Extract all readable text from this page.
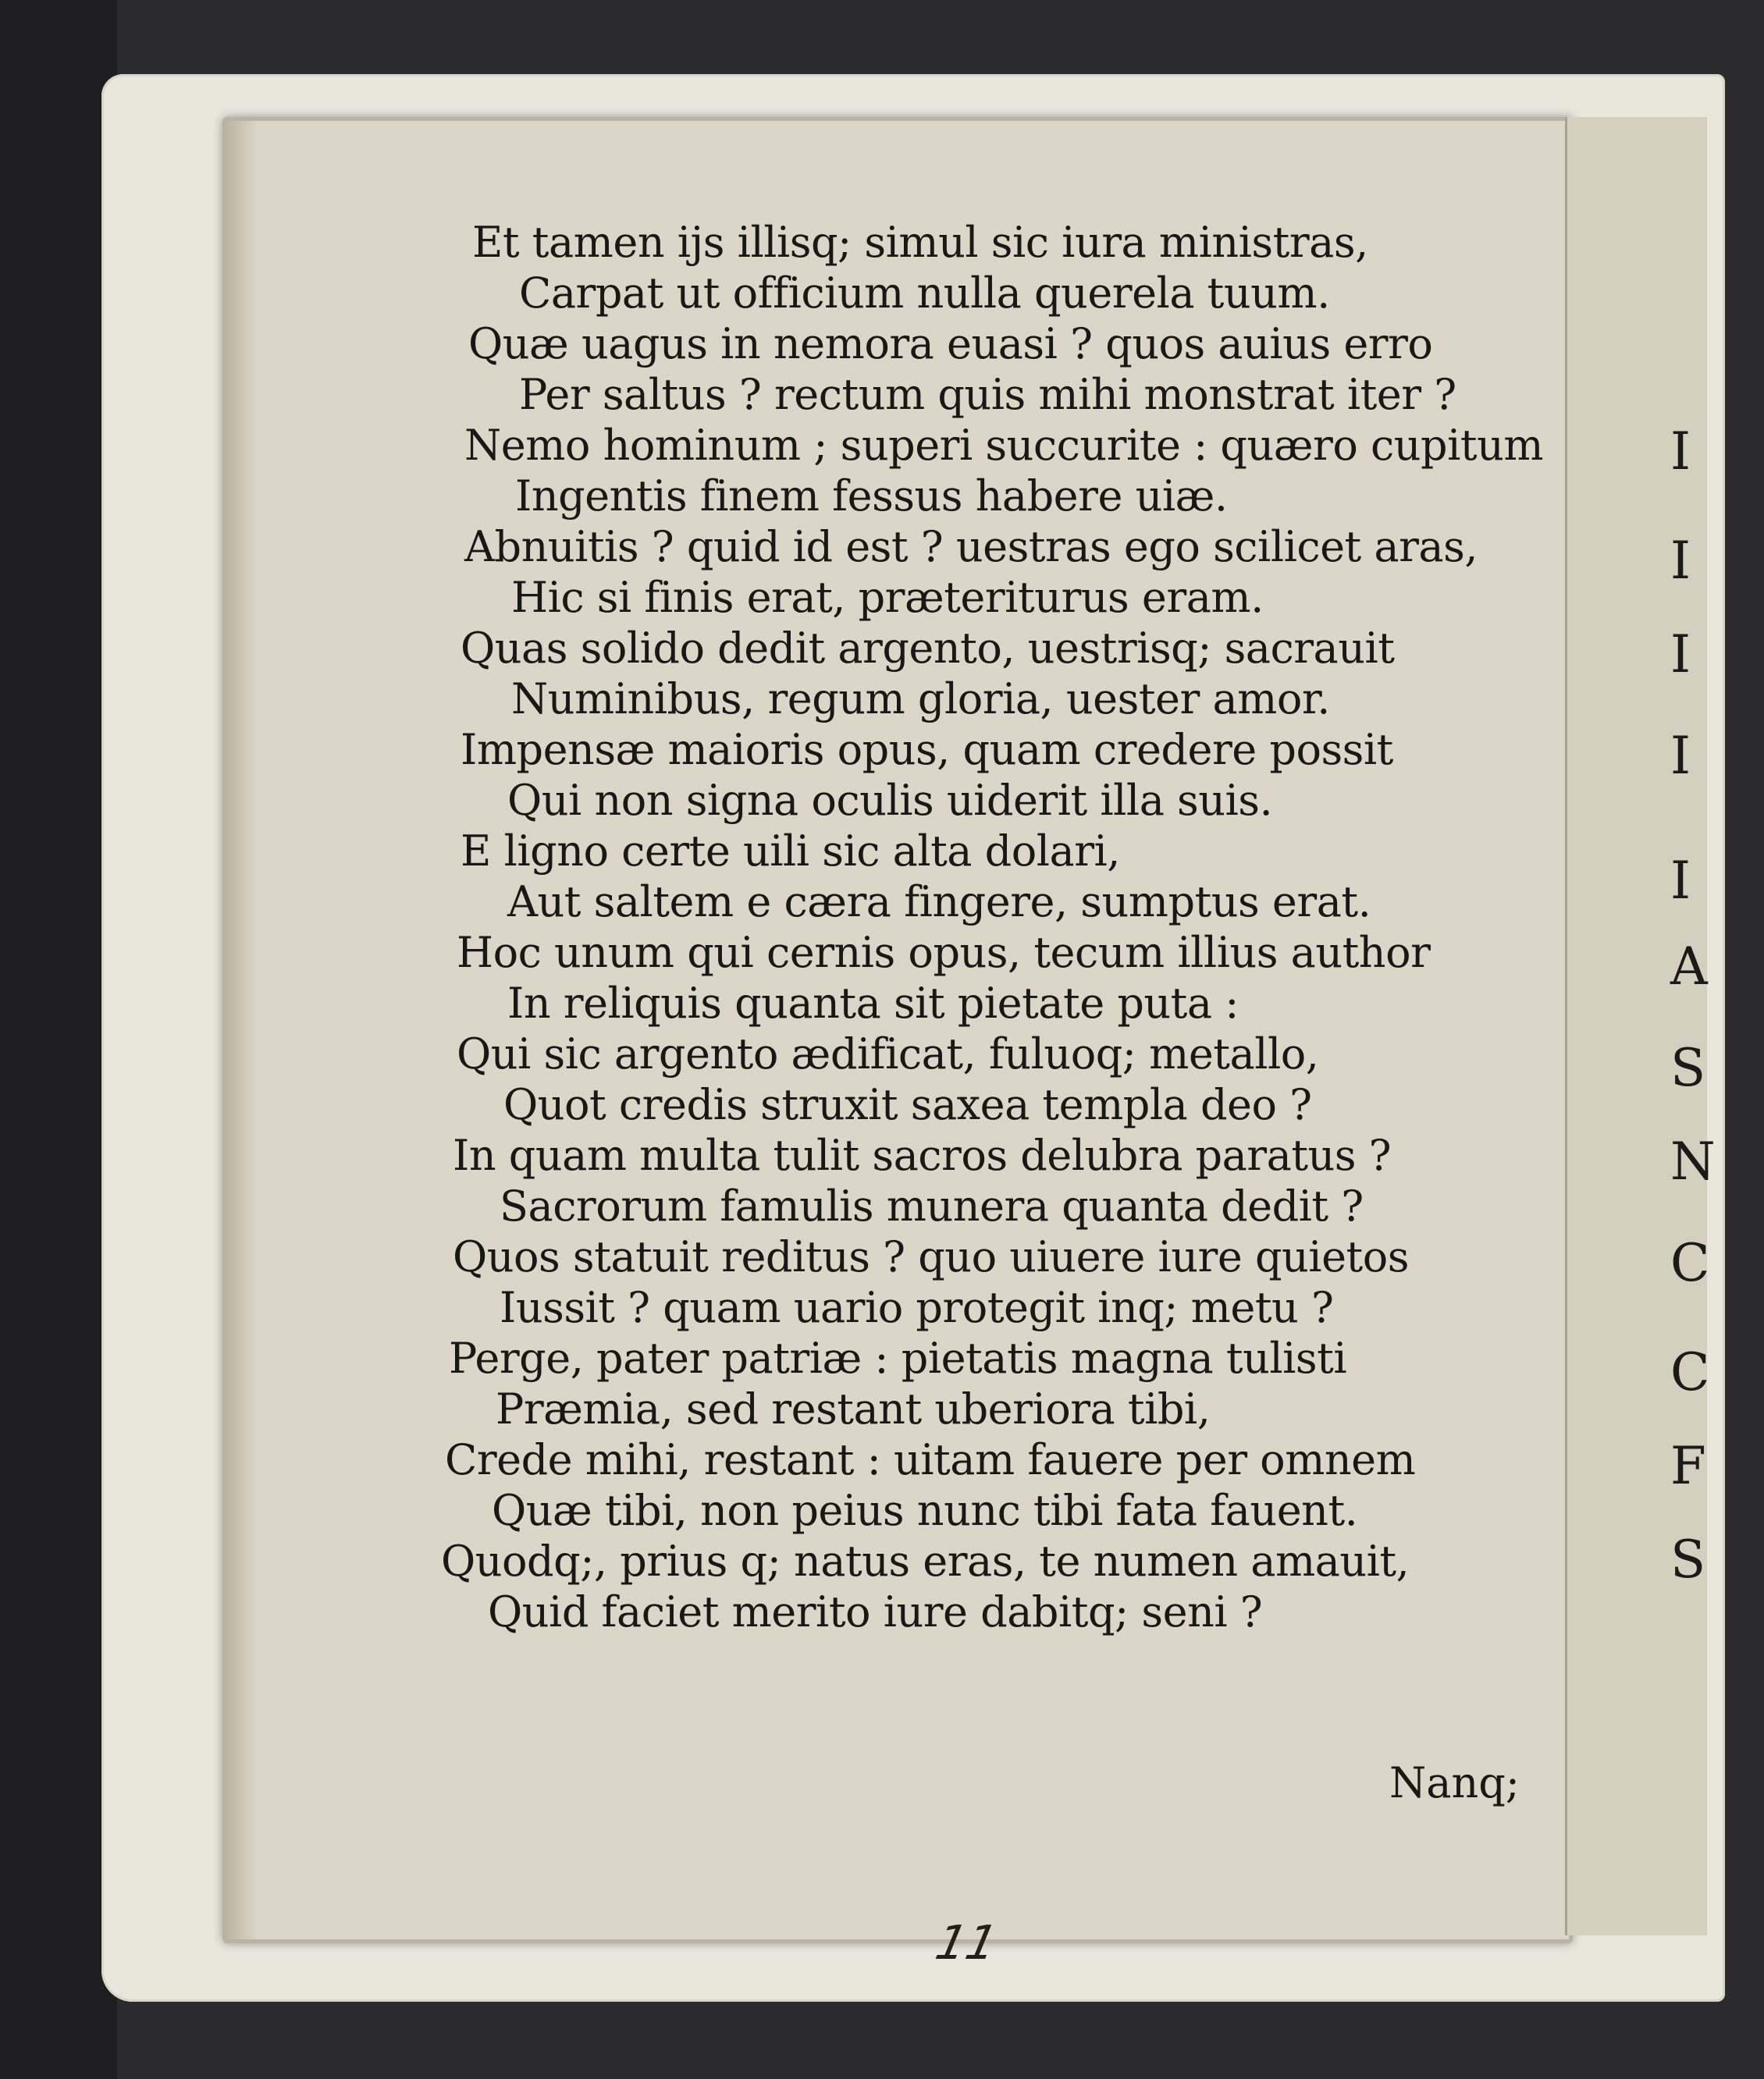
Et tamen ijs illisq; simul sic iura ministras,
Carpat ut officium nulla querela tuum.
Quæ uagus in nemora euasi ? quos auius erro
Per saltus ? rectum quis mihi monstrat iter ?
Nemo hominum ; superi succurite : quæro cupitum
Ingentis finem fessus habere uiæ.
Abnuitis ? quid id est ? uestras ego scilicet aras,
Hic si finis erat, præteriturus eram.
Quas solido dedit argento, uestrisq; sacrauit
Numinibus, regum gloria, uester amor.
Impensæ maioris opus, quam credere possit
Qui non signa oculis uiderit illa suis.
E ligno certe uili sic alta dolari,
Aut saltem e cæra fingere, sumptus erat.
Hoc unum qui cernis opus, tecum illius author
In reliquis quanta sit pietate puta :
Qui sic argento ædificat, fuluoq; metallo,
Quot credis struxit saxea templa deo ?
In quam multa tulit sacros delubra paratus ?
Sacrorum famulis munera quanta dedit ?
Quos statuit reditus ? quo uiuere iure quietos
Iussit ? quam uario protegit inq; metu ?
Perge, pater patriæ : pietatis magna tulisti
Præmia, sed restant uberiora tibi,
Crede mihi, restant : uitam fauere per omnem
Quæ tibi, non peius nunc tibi fata fauent.
Quodq;, prius q; natus eras, te numen amauit,
Quid faciet merito iure dabitq; seni ?
Nanq;
11
I
I
I
I
I
A
S
N
C
C
F
S
